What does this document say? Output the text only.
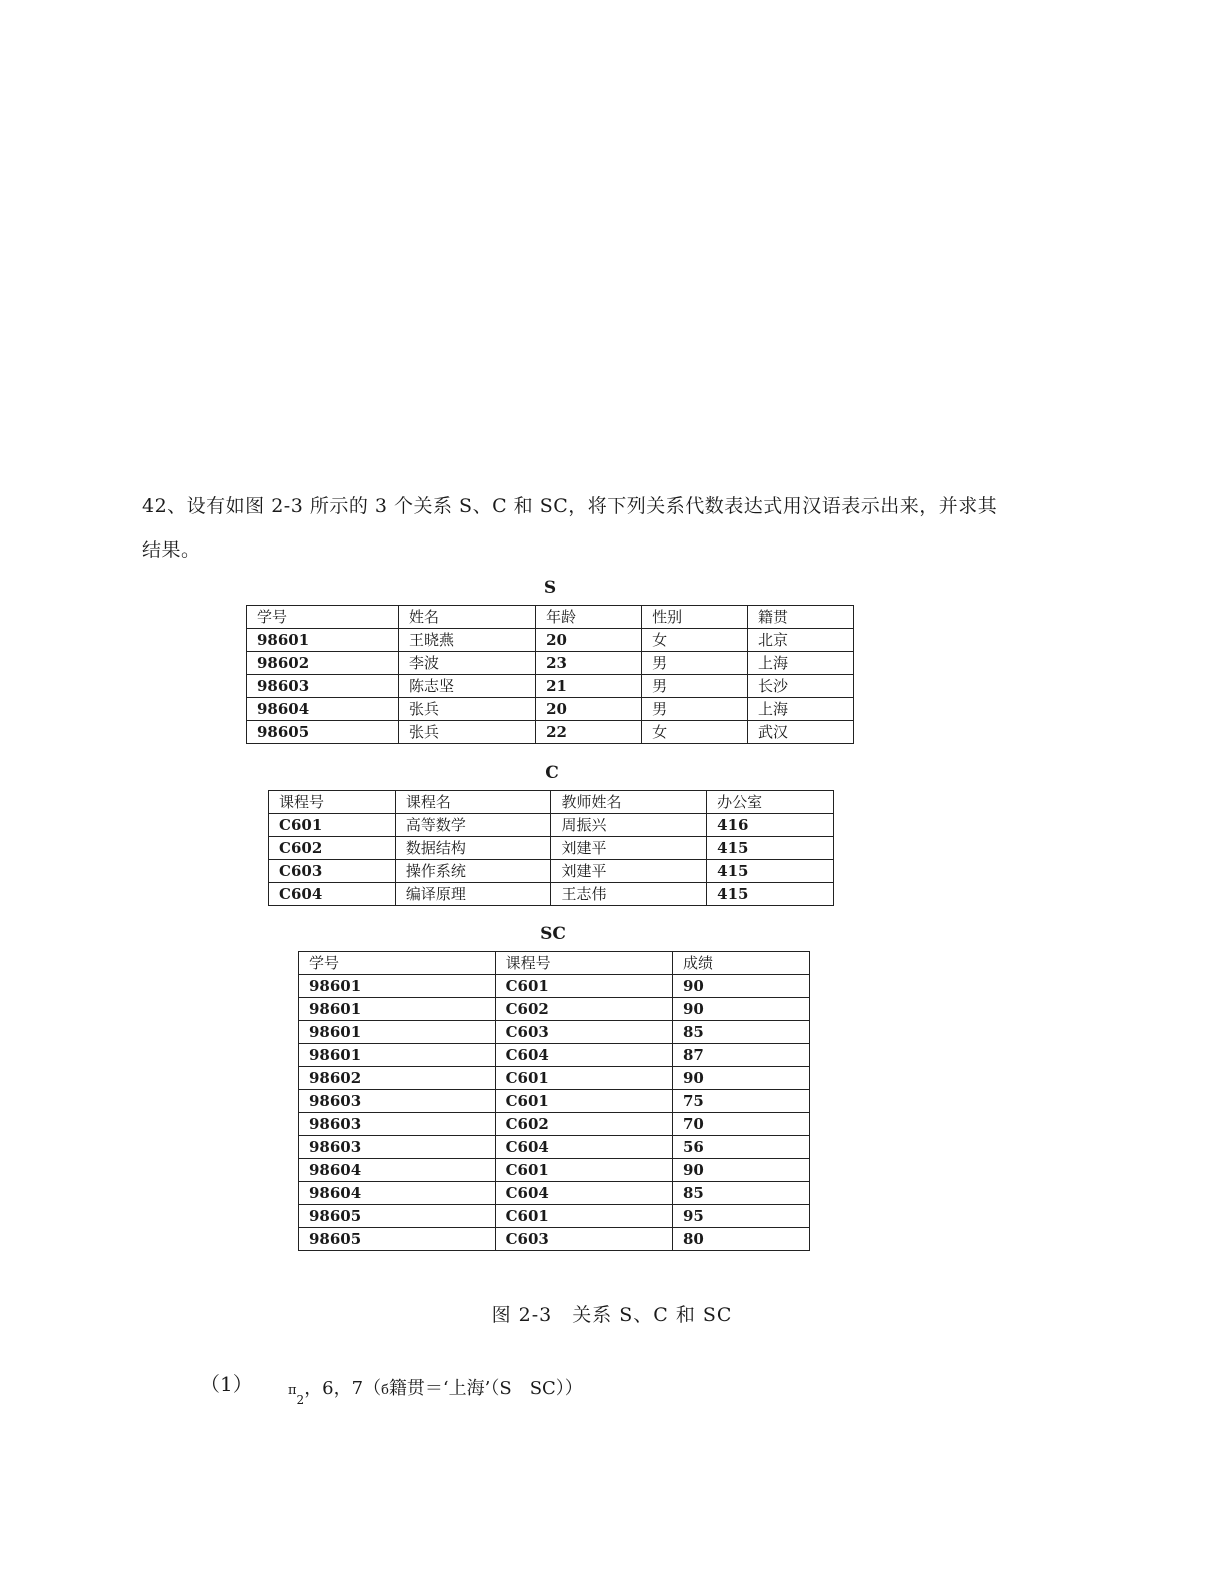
42、设有如图 2-3 所示的 3 个关系 S、C 和 SC，将下列关系代数表达式用汉语表示出来，并求其
结果。
S
学号	姓名	年龄	性别	籍贯
98601	王晓燕	20	女	北京
98602	李波	23	男	上海
98603	陈志坚	21	男	长沙
98604	张兵	20	男	上海
98605	张兵	22	女	武汉
C
课程号	课程名	教师姓名	办公室
C601	高等数学	周振兴	416
C602	数据结构	刘建平	415
C603	操作系统	刘建平	415
C604	编译原理	王志伟	415
SC
学号	课程号	成绩
98601	C601	90
98601	C602	90
98601	C603	85
98601	C604	87
98602	C601	90
98603	C601	75
98603	C602	70
98603	C604	56
98604	C601	90
98604	C604	85
98605	C601	95
98605	C603	80
图 2-3　关系 S、C 和 SC
（1）	$\pi_2$，6，7（б籍贯＝‘上海’（S　SC））
